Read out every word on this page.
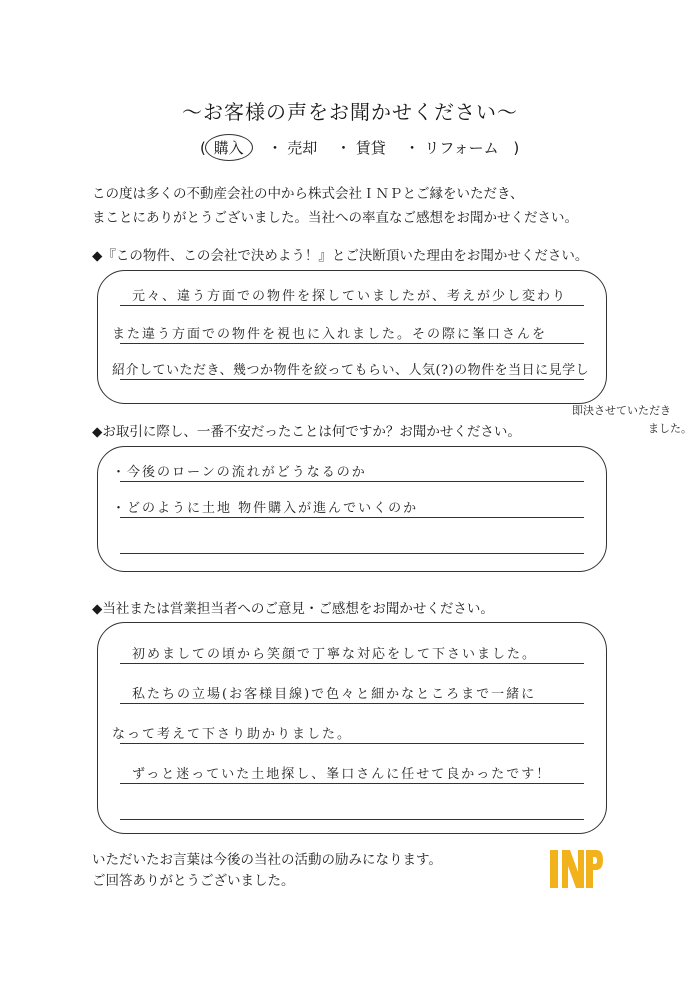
～お客様の声をお聞かせください～
( 購入 ・ 売却 ・ 賃貸 ・ リフォーム )
この度は多くの不動産会社の中から株式会社ＩＮＰとご縁をいただき、
まことにありがとうございました。当社への率直なご感想をお聞かせください。
◆『この物件、この会社で決めよう！』とご決断頂いた理由をお聞かせください。
元々、違う方面での物件を探していましたが、考えが少し変わり
また違う方面での物件を視也に入れました。その際に峯口さんを
紹介していただき、幾つか物件を絞ってもらい、人気(?)の物件を当日に見学し
即決させていただき
ました。
◆お取引に際し、一番不安だったことは何ですか？お聞かせください。
・今後のローンの流れがどうなるのか
・どのように土地 物件購入が進んでいくのか
◆当社または営業担当者へのご意見・ご感想をお聞かせください。
初めましての頃から笑顔で丁寧な対応をして下さいました。
私たちの立場(お客様目線)で色々と細かなところまで一緒に
なって考えて下さり助かりました。
ずっと迷っていた土地探し、峯口さんに任せて良かったです！
いただいたお言葉は今後の当社の活動の励みになります。
ご回答ありがとうございました。
